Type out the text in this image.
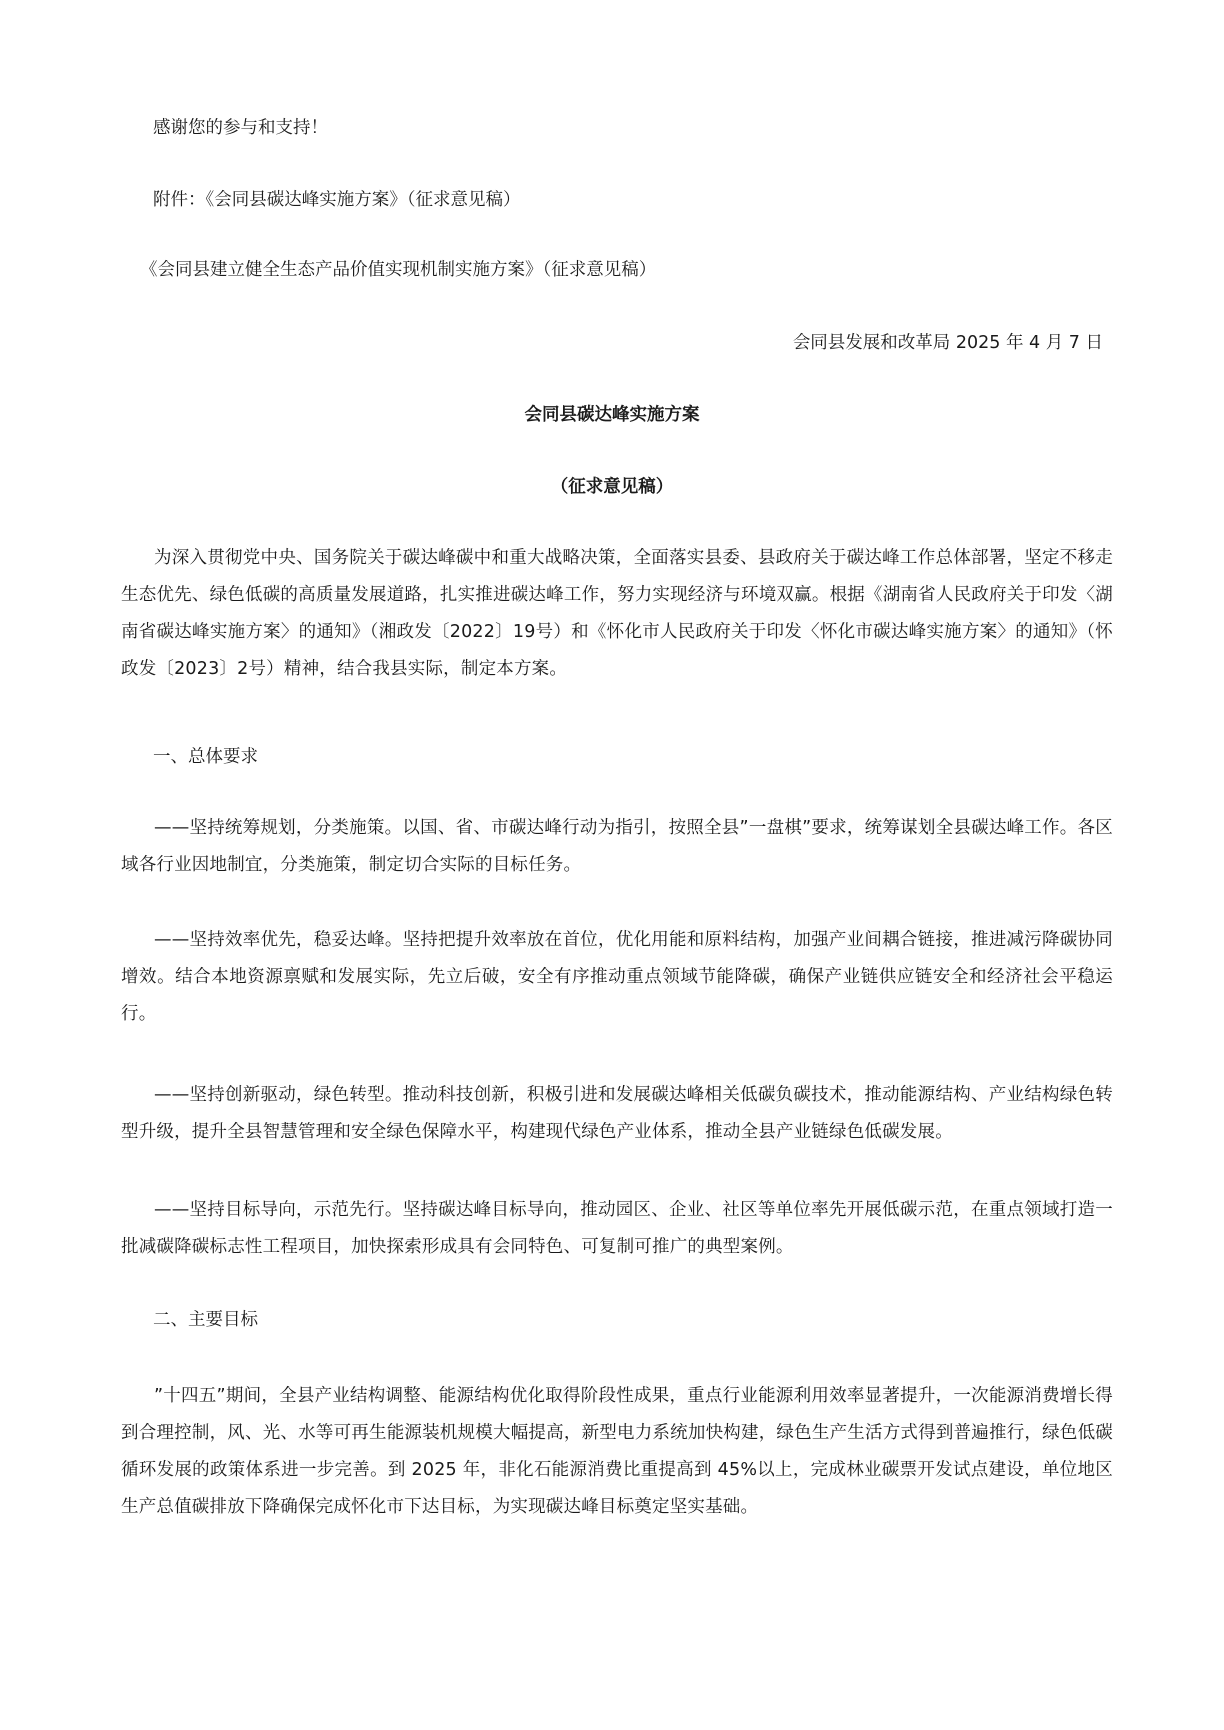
感谢您的参与和支持！
附件：《会同县碳达峰实施方案》（征求意见稿）
《会同县建立健全生态产品价值实现机制实施方案》（征求意见稿）
会同县发展和改革局 2025 年 4 月 7 日
会同县碳达峰实施方案
（征求意见稿）
为深入贯彻党中央、国务院关于碳达峰碳中和重大战略决策，全面落实县委、县政府关于碳达峰工作总体部署，坚定不移走生态优先、绿色低碳的高质量发展道路，扎实推进碳达峰工作，努力实现经济与环境双赢。根据《湖南省人民政府关于印发〈湖南省碳达峰实施方案〉的通知》（湘政发〔2022〕19号）和《怀化市人民政府关于印发〈怀化市碳达峰实施方案〉的通知》（怀政发〔2023〕2号）精神，结合我县实际，制定本方案。
一、总体要求
——坚持统筹规划，分类施策。以国、省、市碳达峰行动为指引，按照全县”一盘棋”要求，统筹谋划全县碳达峰工作。各区域各行业因地制宜，分类施策，制定切合实际的目标任务。
——坚持效率优先，稳妥达峰。坚持把提升效率放在首位，优化用能和原料结构，加强产业间耦合链接，推进减污降碳协同增效。结合本地资源禀赋和发展实际，先立后破，安全有序推动重点领域节能降碳，确保产业链供应链安全和经济社会平稳运行。
——坚持创新驱动，绿色转型。推动科技创新，积极引进和发展碳达峰相关低碳负碳技术，推动能源结构、产业结构绿色转型升级，提升全县智慧管理和安全绿色保障水平，构建现代绿色产业体系，推动全县产业链绿色低碳发展。
——坚持目标导向，示范先行。坚持碳达峰目标导向，推动园区、企业、社区等单位率先开展低碳示范，在重点领域打造一批减碳降碳标志性工程项目，加快探索形成具有会同特色、可复制可推广的典型案例。
二、主要目标
”十四五”期间，全县产业结构调整、能源结构优化取得阶段性成果，重点行业能源利用效率显著提升，一次能源消费增长得到合理控制，风、光、水等可再生能源装机规模大幅提高，新型电力系统加快构建，绿色生产生活方式得到普遍推行，绿色低碳循环发展的政策体系进一步完善。到 2025 年，非化石能源消费比重提高到 45%以上，完成林业碳票开发试点建设，单位地区生产总值碳排放下降确保完成怀化市下达目标，为实现碳达峰目标奠定坚实基础。
